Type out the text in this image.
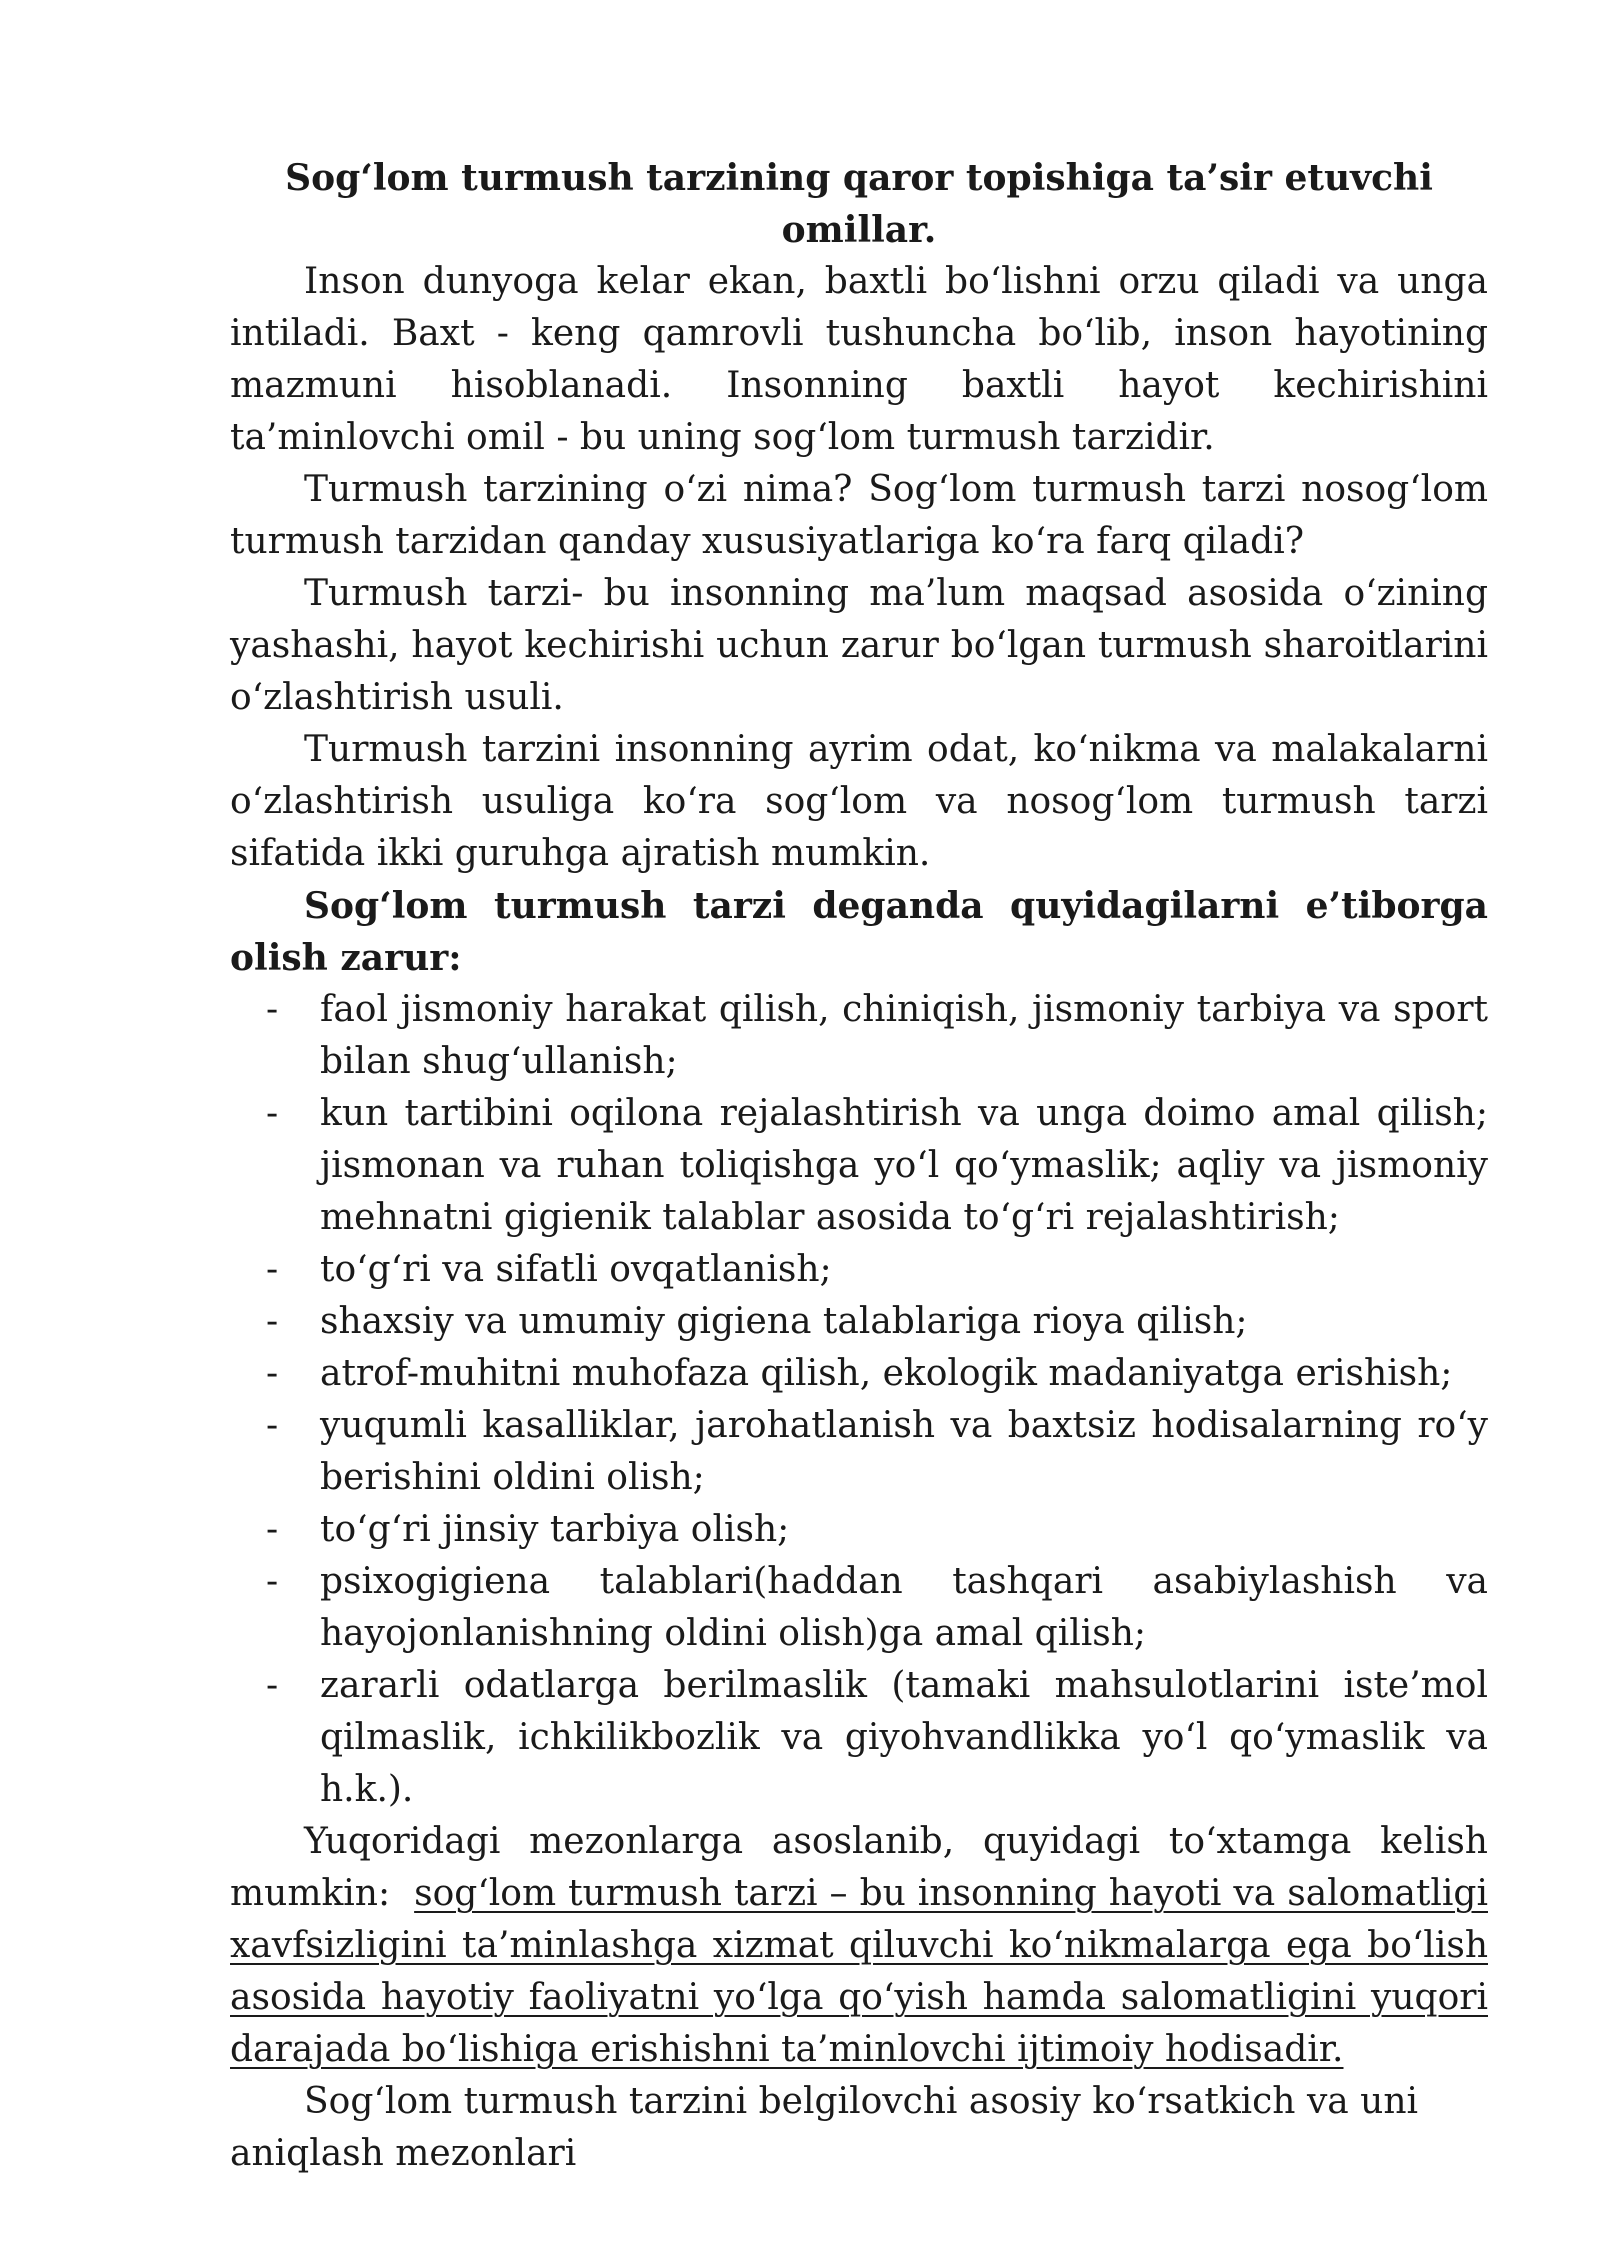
Sog‘lom turmush tarzining qaror topishiga ta’sir etuvchi omillar.

Inson dunyoga kelar ekan, baxtli bo‘lishni orzu qiladi va unga intiladi. Baxt - keng qamrovli tushuncha bo‘lib, inson hayotining mazmuni hisoblanadi. Insonning baxtli hayot kechirishini ta’minlovchi omil - bu uning sog‘lom turmush tarzidir.

Turmush tarzining o‘zi nima? Sog‘lom turmush tarzi nosog‘lom turmush tarzidan qanday xususiyatlariga ko‘ra farq qiladi?

Turmush tarzi- bu insonning ma’lum maqsad asosida o‘zining yashashi, hayot kechirishi uchun zarur bo‘lgan turmush sharoitlarini o‘zlashtirish usuli.

Turmush tarzini insonning ayrim odat, ko‘nikma va malakalarni o‘zlashtirish usuliga ko‘ra sog‘lom va nosog‘lom turmush tarzi sifatida ikki guruhga ajratish mumkin.

Sog‘lom turmush tarzi deganda quyidagilarni e’tiborga olish zarur:

- faol jismoniy harakat qilish, chiniqish, jismoniy tarbiya va sport bilan shug‘ullanish;
- kun tartibini oqilona rejalashtirish va unga doimo amal qilish; jismonan va ruhan toliqishga yo‘l qo‘ymaslik; aqliy va jismoniy mehnatni gigienik talablar asosida to‘g‘ri rejalashtirish;
- to‘g‘ri va sifatli ovqatlanish;
- shaxsiy va umumiy gigiena talablariga rioya qilish;
- atrof-muhitni muhofaza qilish, ekologik madaniyatga erishish;
- yuqumli kasalliklar, jarohatlanish va baxtsiz hodisalarning ro‘y berishini oldini olish;
- to‘g‘ri jinsiy tarbiya olish;
- psixogigiena talablari(haddan tashqari asabiylashish va hayojonlanishning oldini olish)ga amal qilish;
- zararli odatlarga berilmaslik (tamaki mahsulotlarini iste’mol qilmaslik, ichkilikbozlik va giyohvandlikka yo‘l qo‘ymaslik va h.k.).

Yuqoridagi mezonlarga asoslanib, quyidagi to‘xtamga kelish mumkin: sog‘lom turmush tarzi – bu insonning hayoti va salomatligi xavfsizligini ta’minlashga xizmat qiluvchi ko‘nikmalarga ega bo‘lish asosida hayotiy faoliyatni yo‘lga qo‘yish hamda salomatligini yuqori darajada bo‘lishiga erishishni ta’minlovchi ijtimoiy hodisadir.

Sog‘lom turmush tarzini belgilovchi asosiy ko‘rsatkich va uni aniqlash mezonlari
